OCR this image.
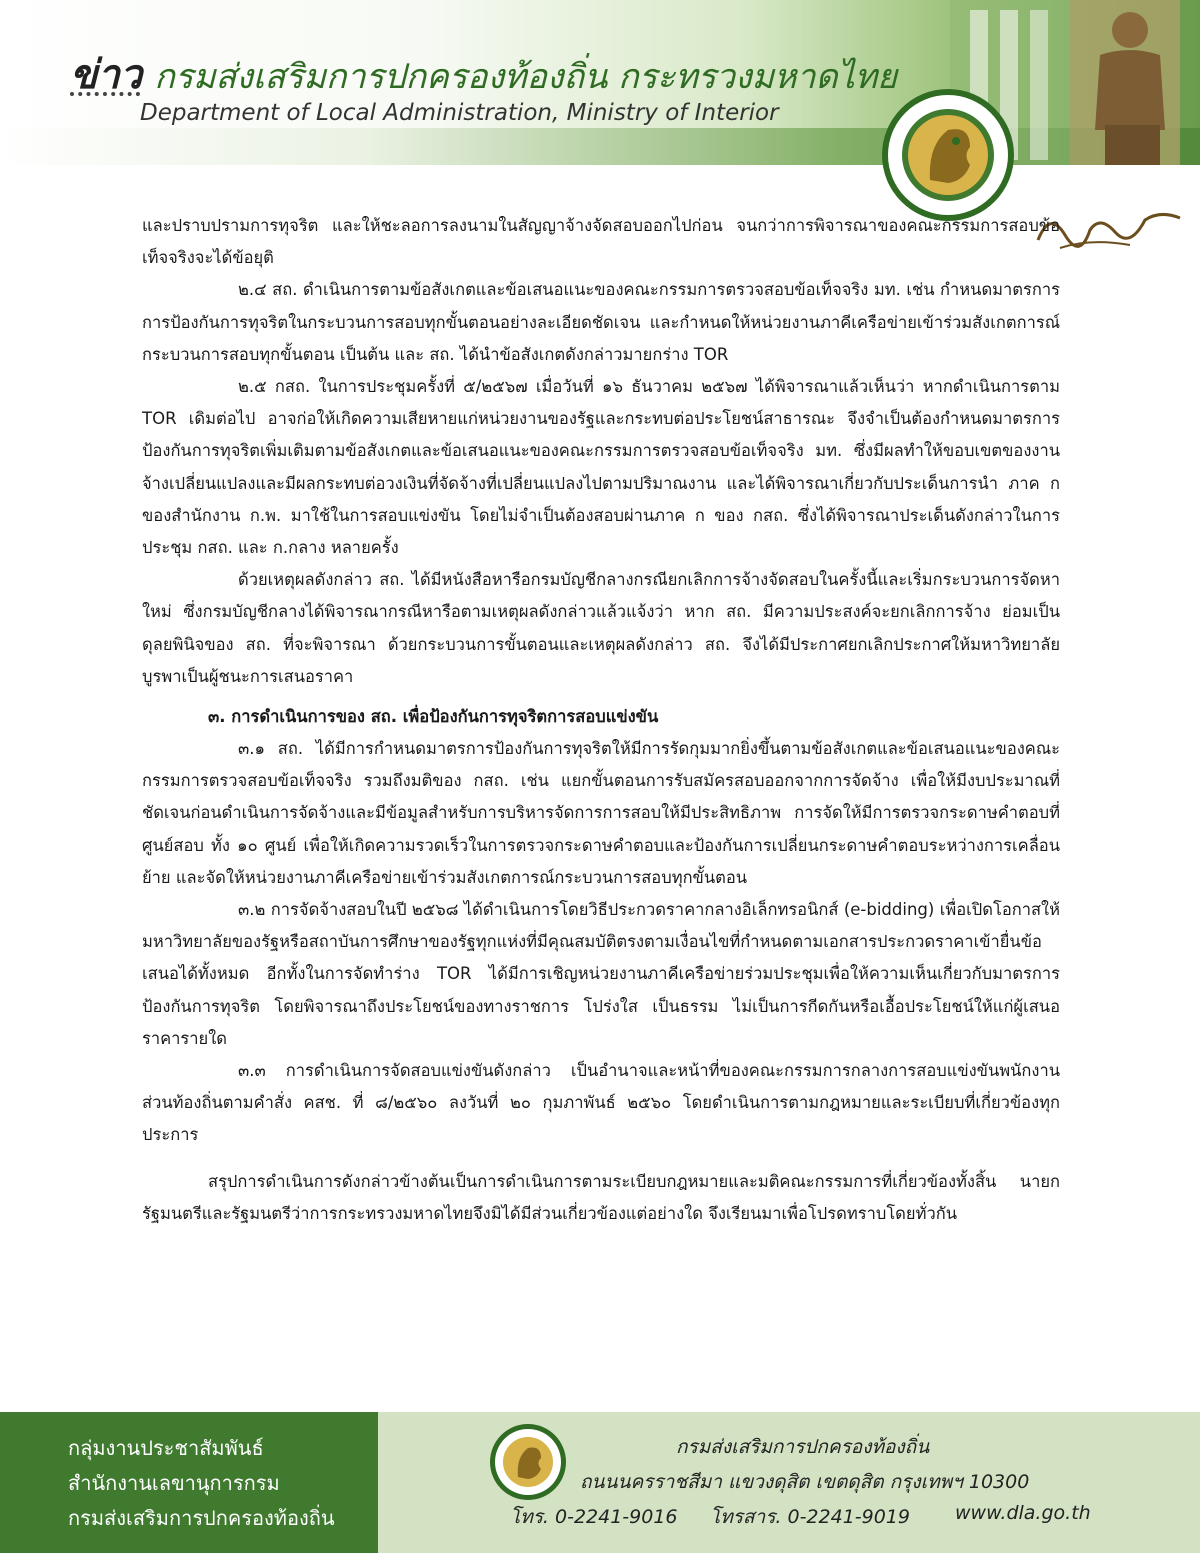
ข่าว กรมส่งเสริมการปกครองท้องถิ่น กระทรวงมหาดไทย
Department of Local Administration, Ministry of Interior

และปราบปรามการทุจริต และให้ชะลอการลงนามในสัญญาจ้างจัดสอบออกไปก่อน จนกว่าการพิจารณาของคณะกรรมการสอบข้อเท็จจริงจะได้ข้อยุติ

๒.๔ สถ. ดำเนินการตามข้อสังเกตและข้อเสนอแนะของคณะกรรมการตรวจสอบข้อเท็จจริง มท. เช่น กำหนดมาตรการการป้องกันการทุจริตในกระบวนการสอบทุกขั้นตอนอย่างละเอียดชัดเจน และกำหนดให้หน่วยงานภาคีเครือข่ายเข้าร่วมสังเกตการณ์กระบวนการสอบทุกขั้นตอน เป็นต้น และ สถ. ได้นำข้อสังเกตดังกล่าวมายกร่าง TOR

๒.๕ กสถ. ในการประชุมครั้งที่ ๕/๒๕๖๗ เมื่อวันที่ ๑๖ ธันวาคม ๒๕๖๗ ได้พิจารณาแล้วเห็นว่า หากดำเนินการตาม TOR เดิมต่อไป อาจก่อให้เกิดความเสียหายแก่หน่วยงานของรัฐและกระทบต่อประโยชน์สาธารณะ จึงจำเป็นต้องกำหนดมาตรการป้องกันการทุจริตเพิ่มเติมตามข้อสังเกตและข้อเสนอแนะของคณะกรรมการตรวจสอบข้อเท็จจริง มท. ซึ่งมีผลทำให้ขอบเขตของงานจ้างเปลี่ยนแปลงและมีผลกระทบต่อวงเงินที่จัดจ้างที่เปลี่ยนแปลงไปตามปริมาณงาน และได้พิจารณาเกี่ยวกับประเด็นการนำ ภาค ก ของสำนักงาน ก.พ. มาใช้ในการสอบแข่งขัน โดยไม่จำเป็นต้องสอบผ่านภาค ก ของ กสถ. ซึ่งได้พิจารณาประเด็นดังกล่าวในการประชุม กสถ. และ ก.กลาง หลายครั้ง

ด้วยเหตุผลดังกล่าว สถ. ได้มีหนังสือหารือกรมบัญชีกลางกรณียกเลิกการจ้างจัดสอบในครั้งนี้และเริ่มกระบวนการจัดหาใหม่ ซึ่งกรมบัญชีกลางได้พิจารณากรณีหารือตามเหตุผลดังกล่าวแล้วแจ้งว่า หาก สถ. มีความประสงค์จะยกเลิกการจ้าง ย่อมเป็นดุลยพินิจของ สถ. ที่จะพิจารณา ด้วยกระบวนการขั้นตอนและเหตุผลดังกล่าว สถ. จึงได้มีประกาศยกเลิกประกาศให้มหาวิทยาลัยบูรพาเป็นผู้ชนะการเสนอราคา

๓. การดำเนินการของ สถ. เพื่อป้องกันการทุจริตการสอบแข่งขัน

๓.๑ สถ. ได้มีการกำหนดมาตรการป้องกันการทุจริตให้มีการรัดกุมมากยิ่งขึ้นตามข้อสังเกตและข้อเสนอแนะของคณะกรรมการตรวจสอบข้อเท็จจริง รวมถึงมติของ กสถ. เช่น แยกขั้นตอนการรับสมัครสอบออกจากการจัดจ้าง เพื่อให้มีงบประมาณที่ชัดเจนก่อนดำเนินการจัดจ้างและมีข้อมูลสำหรับการบริหารจัดการการสอบให้มีประสิทธิภาพ การจัดให้มีการตรวจกระดาษคำตอบที่ศูนย์สอบ ทั้ง ๑๐ ศูนย์ เพื่อให้เกิดความรวดเร็วในการตรวจกระดาษคำตอบและป้องกันการเปลี่ยนกระดาษคำตอบระหว่างการเคลื่อนย้าย และจัดให้หน่วยงานภาคีเครือข่ายเข้าร่วมสังเกตการณ์กระบวนการสอบทุกขั้นตอน

๓.๒ การจัดจ้างสอบในปี ๒๕๖๘ ได้ดำเนินการโดยวิธีประกวดราคากลางอิเล็กทรอนิกส์ (e-bidding) เพื่อเปิดโอกาสให้มหาวิทยาลัยของรัฐหรือสถาบันการศึกษาของรัฐทุกแห่งที่มีคุณสมบัติตรงตามเงื่อนไขที่กำหนดตามเอกสารประกวดราคาเข้ายื่นข้อเสนอได้ทั้งหมด อีกทั้งในการจัดทำร่าง TOR ได้มีการเชิญหน่วยงานภาคีเครือข่ายร่วมประชุมเพื่อให้ความเห็นเกี่ยวกับมาตรการป้องกันการทุจริต โดยพิจารณาถึงประโยชน์ของทางราชการ โปร่งใส เป็นธรรม ไม่เป็นการกีดกันหรือเอื้อประโยชน์ให้แก่ผู้เสนอราคารายใด

๓.๓ การดำเนินการจัดสอบแข่งขันดังกล่าว เป็นอำนาจและหน้าที่ของคณะกรรมการกลางการสอบแข่งขันพนักงานส่วนท้องถิ่นตามคำสั่ง คสช. ที่ ๘/๒๕๖๐ ลงวันที่ ๒๐ กุมภาพันธ์ ๒๕๖๐ โดยดำเนินการตามกฎหมายและระเบียบที่เกี่ยวข้องทุกประการ

สรุปการดำเนินการดังกล่าวข้างต้นเป็นการดำเนินการตามระเบียบกฎหมายและมติคณะกรรมการที่เกี่ยวข้องทั้งสิ้น นายกรัฐมนตรีและรัฐมนตรีว่าการกระทรวงมหาดไทยจึงมิได้มีส่วนเกี่ยวข้องแต่อย่างใด จึงเรียนมาเพื่อโปรดทราบโดยทั่วกัน

กลุ่มงานประชาสัมพันธ์
สำนักงานเลขานุการกรม
กรมส่งเสริมการปกครองท้องถิ่น
กรมส่งเสริมการปกครองท้องถิ่น
ถนนนครราชสีมา แขวงดุสิต เขตดุสิต กรุงเทพฯ 10300
โทร. 0-2241-9016 โทรสาร. 0-2241-9019 www.dla.go.th
